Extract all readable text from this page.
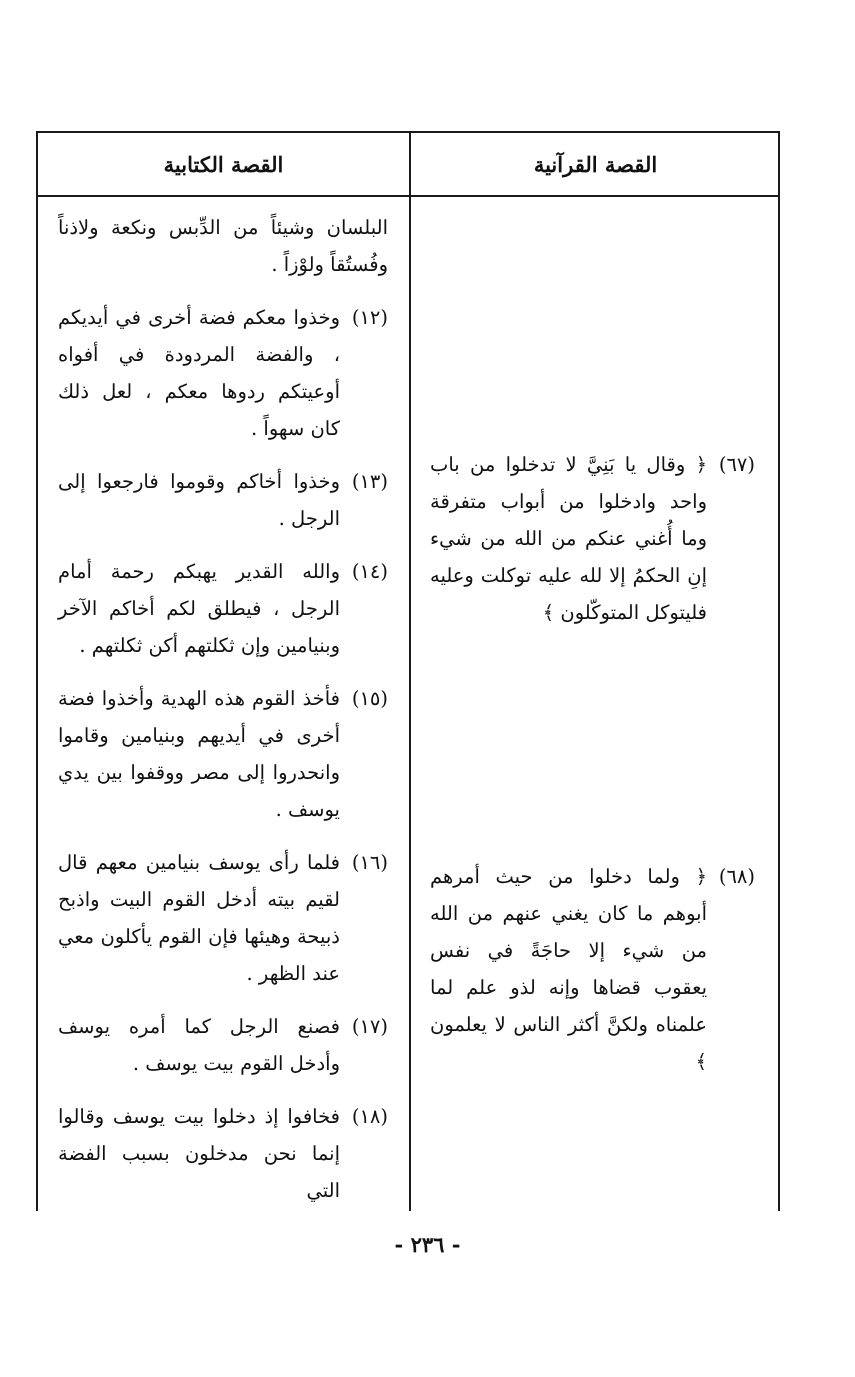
القصة القرآنية
القصة الكتابية
(٦٧)
﴿ وقال يا بَنِيَّ لا تدخلوا من باب واحد وادخلوا من أبواب متفرقة وما أُغني عنكم من الله من شيء إنِ الحكمُ إلا لله عليه توكلت وعليه فليتوكل المتوكّلون ﴾
(٦٨)
﴿ ولما دخلوا من حيث أمرهم أبوهم ما كان يغني عنهم من الله من شيء إلا حاجَةً في نفس يعقوب قضاها وإنه لذو علم لما علمناه ولكنَّ أكثر الناس لا يعلمون ﴾
البلسان وشيئاً من الدِّبس ونكعة ولاذناً وفُستُقاً ولوْزاً .
(١٢)
وخذوا معكم فضة أخرى في أيديكم ، والفضة المردودة في أفواه أوعيتكم ردوها معكم ، لعل ذلك كان سهواً .
(١٣)
وخذوا أخاكم وقوموا فارجعوا إلى الرجل .
(١٤)
والله القدير يهبكم رحمة أمام الرجل ، فيطلق لكم أخاكم الآخر وبنيامين وإن ثكلتهم أكن ثكلتهم .
(١٥)
فأخذ القوم هذه الهدية وأخذوا فضة أخرى في أيديهم وبنيامين وقاموا وانحدروا إلى مصر ووقفوا بين يدي يوسف .
(١٦)
فلما رأى يوسف بنيامين معهم قال لقيم بيته أدخل القوم البيت واذبح ذبيحة وهيئها فإن القوم يأكلون معي عند الظهر .
(١٧)
فصنع الرجل كما أمره يوسف وأدخل القوم بيت يوسف .
(١٨)
فخافوا إذ دخلوا بيت يوسف وقالوا إنما نحن مدخلون بسبب الفضة التي
- ٢٣٦ -
